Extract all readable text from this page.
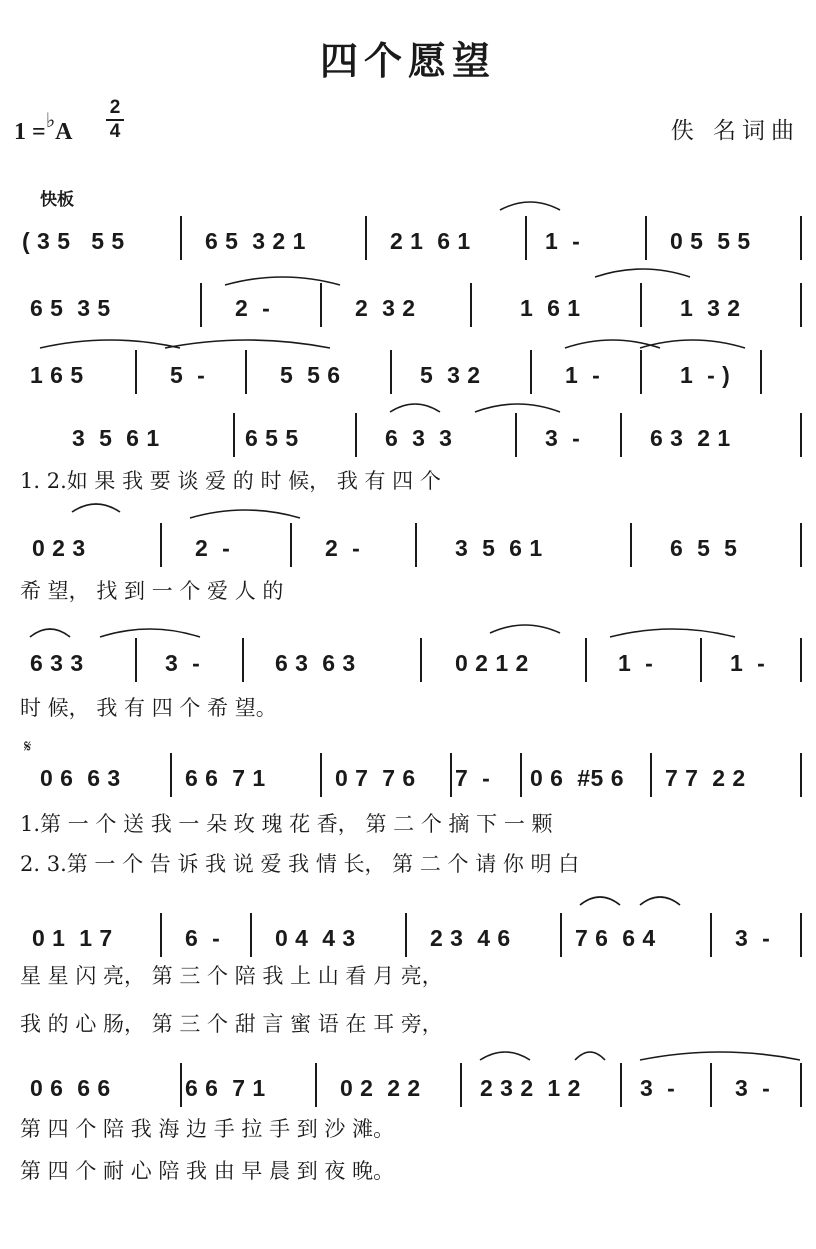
四个愿望
1 =♭A
2
4	佚 名词曲
快板
𝄋
( 3 5   5 5	6 5  3 2 1	2 1  6 1	1  -	0 5  5 5
6 5  3 5	2  -	2  3 2	1  6 1	1  3 2
1 6 5	5  -	5  5 6	5  3 2	1  -	1  - )
3  5  6 1	6 5 5	6  3  3	3  -	6 3  2 1
1. 2.如 果 我 要 谈 爱 的 时 候， 我 有 四 个
0 2 3	2  -	2  -	3  5  6 1	6  5  5
希 望， 找 到 一 个 爱 人 的
6 3 3	3  -	6 3  6 3	0 2 1 2	1  -	1  -
时 候， 我 有 四 个 希 望。
0 6  6 3	6 6  7 1	0 7  7 6 7  - 0 6  #5 6 7 7  2 2
1.第 一 个 送 我 一 朵 玫 瑰 花 香， 第 二 个 摘 下 一 颗
2. 3.第 一 个 告 诉 我 说 爱 我 情 长， 第 二 个 请 你 明 白
0 1  1 7	6  - 0 4  4 3	2 3  4 6	7 6  6 4	3  -
星 星 闪 亮， 第 三 个 陪 我 上 山 看 月 亮，
我 的 心 肠， 第 三 个 甜 言 蜜 语 在 耳 旁，
0 6  6 6	6 6  7 1	0 2  2 2	2 3 2  1 2	3  -	3  -
第 四 个 陪 我 海 边 手 拉 手 到 沙 滩。
第 四 个 耐 心 陪 我 由 早 晨 到 夜 晚。
